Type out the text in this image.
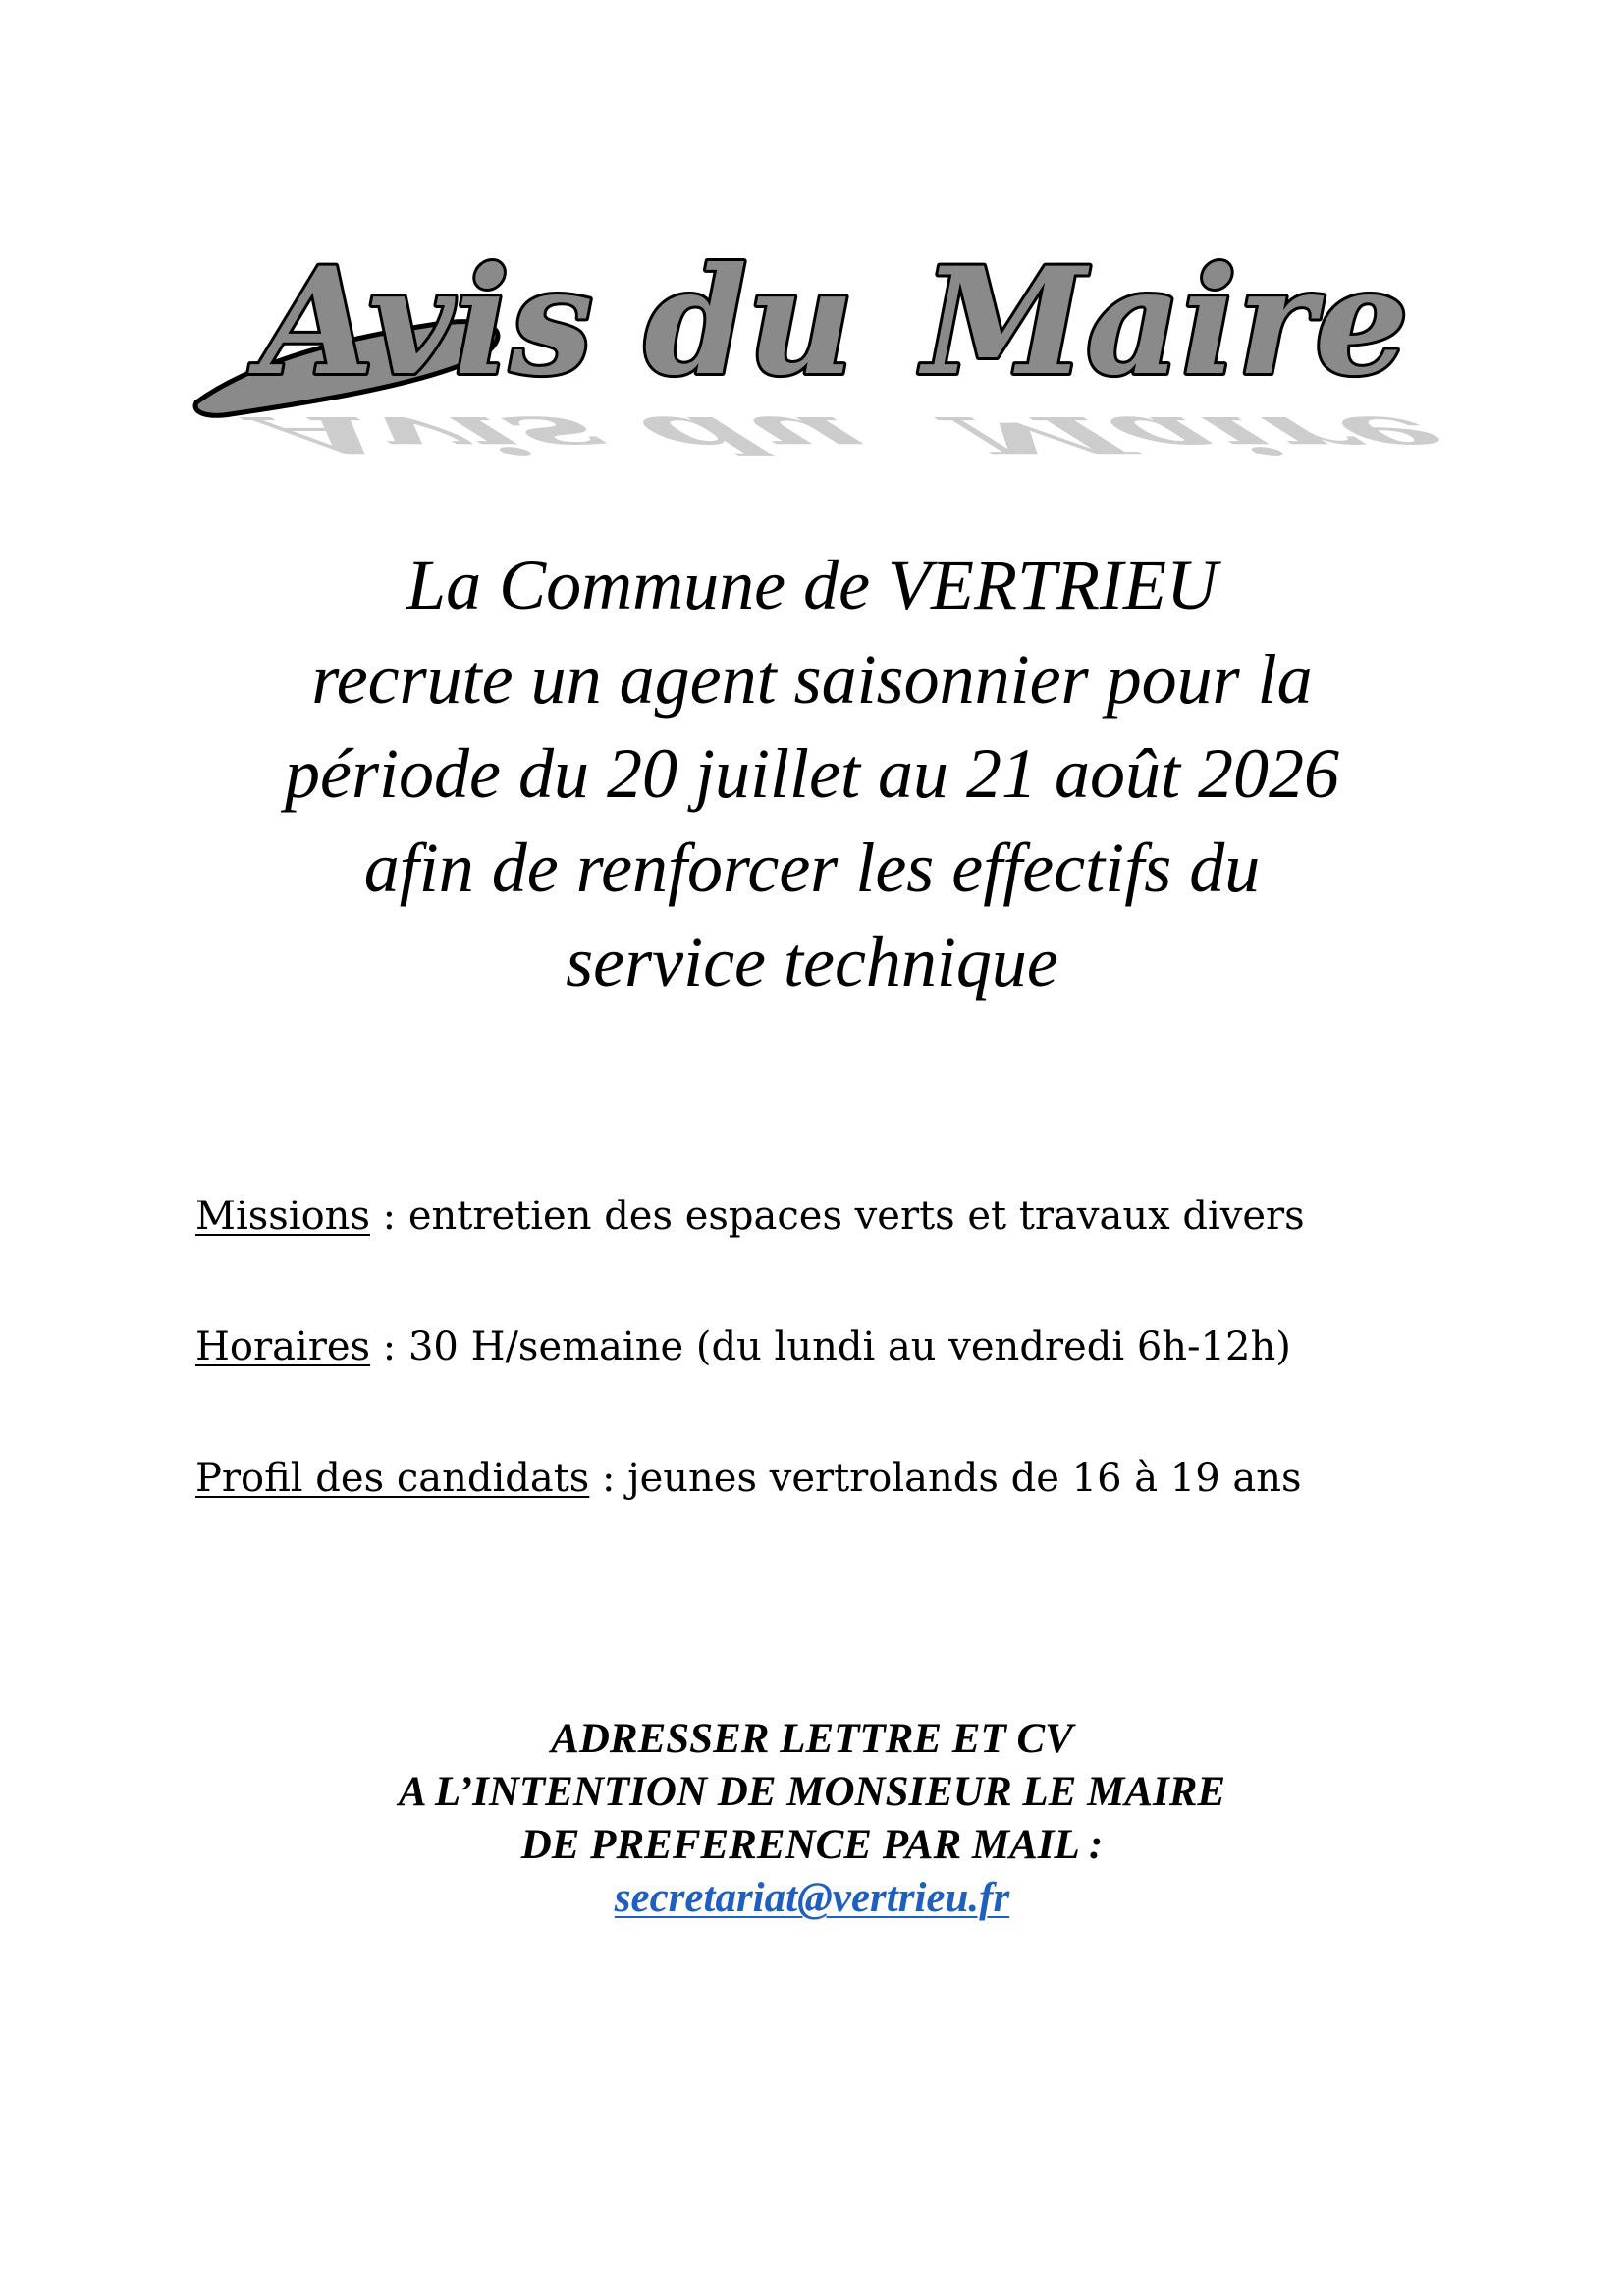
Avis du Maire
Avis du Maire
La Commune de VERTRIEU
recrute un agent saisonnier pour la
période du 20 juillet au 21 août 2026
afin de renforcer les effectifs du
service technique
Missions : entretien des espaces verts et travaux divers
Horaires : 30 H/semaine (du lundi au vendredi 6h-12h)
Profil des candidats : jeunes vertrolands de 16 à 19 ans
ADRESSER LETTRE ET CV
A L’INTENTION DE MONSIEUR LE MAIRE
DE PREFERENCE PAR MAIL :
secretariat@vertrieu.fr
